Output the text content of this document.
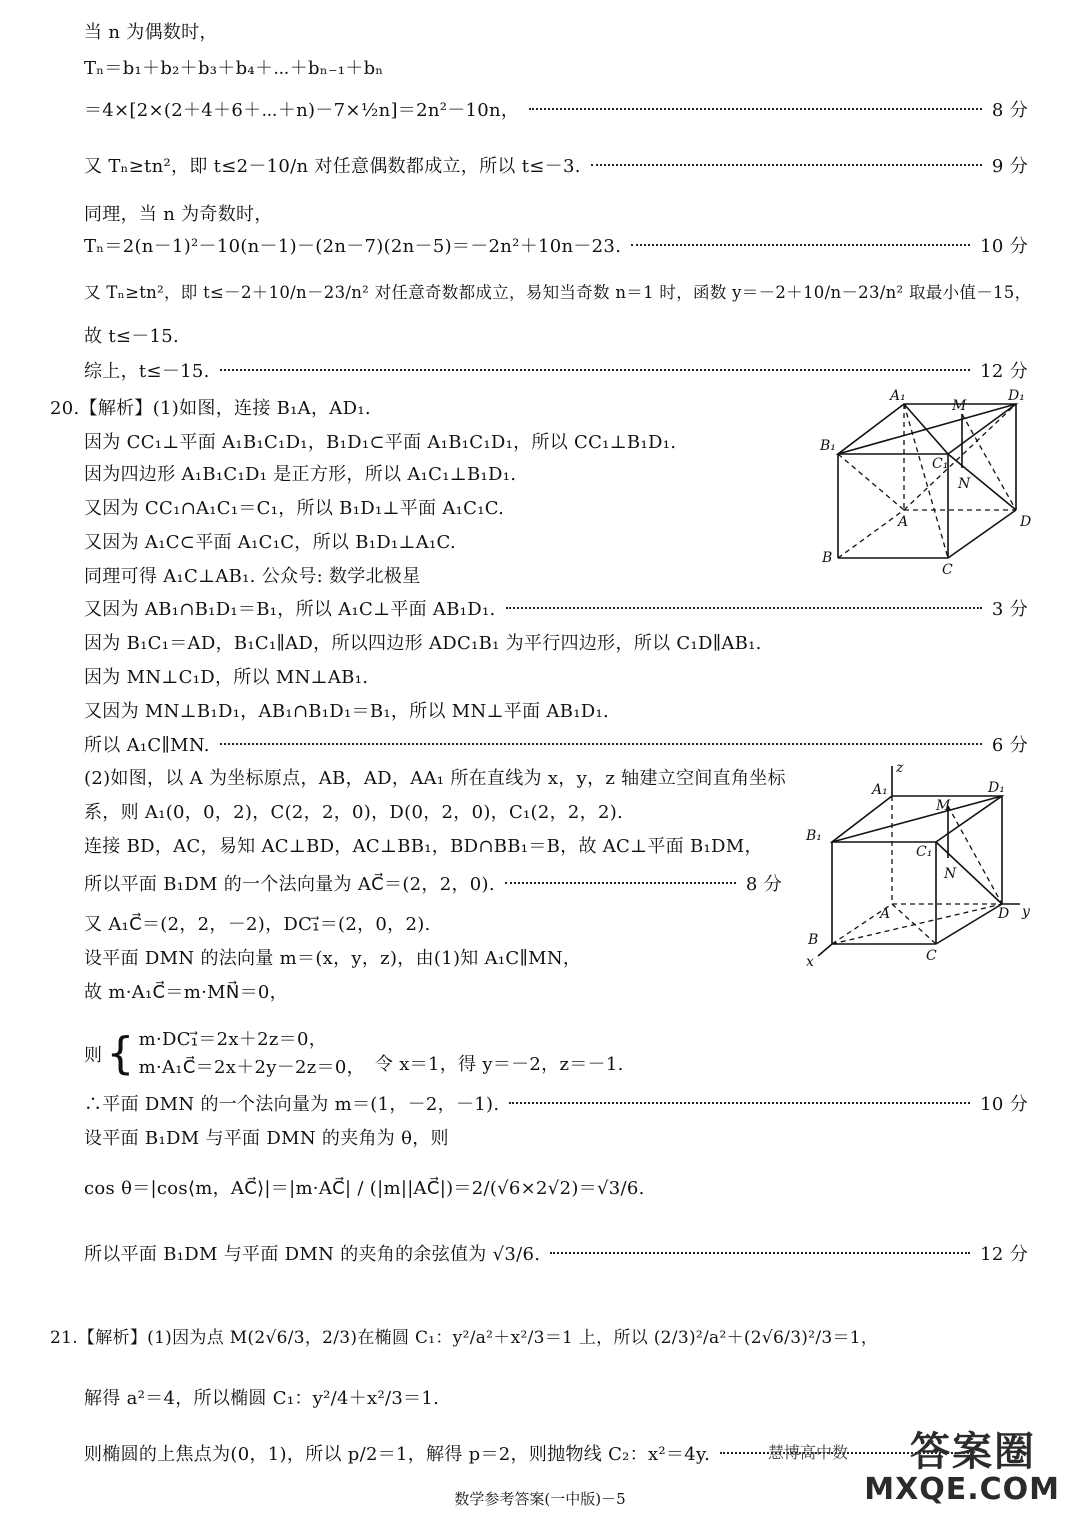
当 n 为偶数时，
Tₙ＝b₁＋b₂＋b₃＋b₄＋⋯＋bₙ₋₁＋bₙ
＝4×[2×(2＋4＋6＋⋯＋n)－7×½n]＝2n²－10n，	8 分
又 Tₙ≥tn²，即 t≤2－10/n 对任意偶数都成立，所以 t≤－3.	9 分
同理，当 n 为奇数时，
Tₙ＝2(n－1)²－10(n－1)－(2n－7)(2n－5)＝－2n²＋10n－23.	10 分
又 Tₙ≥tn²，即 t≤－2＋10/n－23/n² 对任意奇数都成立，易知当奇数 n＝1 时，函数 y＝－2＋10/n－23/n² 取最小值－15，
故 t≤－15.
综上，t≤－15.	12 分
20.【解析】(1)如图，连接 B₁A，AD₁.
因为 CC₁⊥平面 A₁B₁C₁D₁，B₁D₁⊂平面 A₁B₁C₁D₁，所以 CC₁⊥B₁D₁.
因为四边形 A₁B₁C₁D₁ 是正方形，所以 A₁C₁⊥B₁D₁.
又因为 CC₁∩A₁C₁＝C₁，所以 B₁D₁⊥平面 A₁C₁C.
又因为 A₁C⊂平面 A₁C₁C，所以 B₁D₁⊥A₁C.
同理可得 A₁C⊥AB₁. 公众号: 数学北极星
又因为 AB₁∩B₁D₁＝B₁，所以 A₁C⊥平面 AB₁D₁.	3 分
因为 B₁C₁＝AD，B₁C₁∥AD，所以四边形 ADC₁B₁ 为平行四边形，所以 C₁D∥AB₁.
因为 MN⊥C₁D，所以 MN⊥AB₁.
又因为 MN⊥B₁D₁，AB₁∩B₁D₁＝B₁，所以 MN⊥平面 AB₁D₁.
所以 A₁C∥MN.	6 分
(2)如图，以 A 为坐标原点，AB，AD，AA₁ 所在直线为 x，y，z 轴建立空间直角坐标
系，则 A₁(0，0，2)，C(2，2，0)，D(0，2，0)，C₁(2，2，2).
连接 BD，AC，易知 AC⊥BD，AC⊥BB₁，BD∩BB₁＝B，故 AC⊥平面 B₁DM，
所以平面 B₁DM 的一个法向量为 AC⃗＝(2，2，0).	8 分
又 A₁C⃗＝(2，2，－2)，DC₁⃗＝(2，0，2).
设平面 DMN 的法向量 m＝(x，y，z)，由(1)知 A₁C∥MN，
故 m·A₁C⃗＝m·MN⃗＝0，
则 { m·DC₁⃗＝2x＋2z＝0，
m·A₁C⃗＝2x＋2y－2z＝0， 令 x＝1，得 y＝－2，z＝－1.
∴平面 DMN 的一个法向量为 m＝(1，－2，－1).	10 分
设平面 B₁DM 与平面 DMN 的夹角为 θ，则
cos θ＝|cos⟨m，AC⃗⟩|＝|m·AC⃗| / (|m||AC⃗|)＝2/(√6×2√2)＝√3/6.
所以平面 B₁DM 与平面 DMN 的夹角的余弦值为 √3/6.	12 分
21.【解析】(1)因为点 M(2√6/3，2/3)在椭圆 C₁：y²/a²＋x²/3＝1 上，所以 (2/3)²/a²＋(2√6/3)²/3＝1，
解得 a²＝4，所以椭圆 C₁：y²/4＋x²/3＝1.
则椭圆的上焦点为(0，1)，所以 p/2＝1，解得 p＝2，则抛物线 C₂：x²＝4y.
A₁
M
D₁
B₁
C₁
N
A	D
B
C
z
A₁
M
D₁
B₁
C₁
N
A	D y
B
x	C
慧博高中数 答案圈
MXQE.COM
数学参考答案(一中版)－5
